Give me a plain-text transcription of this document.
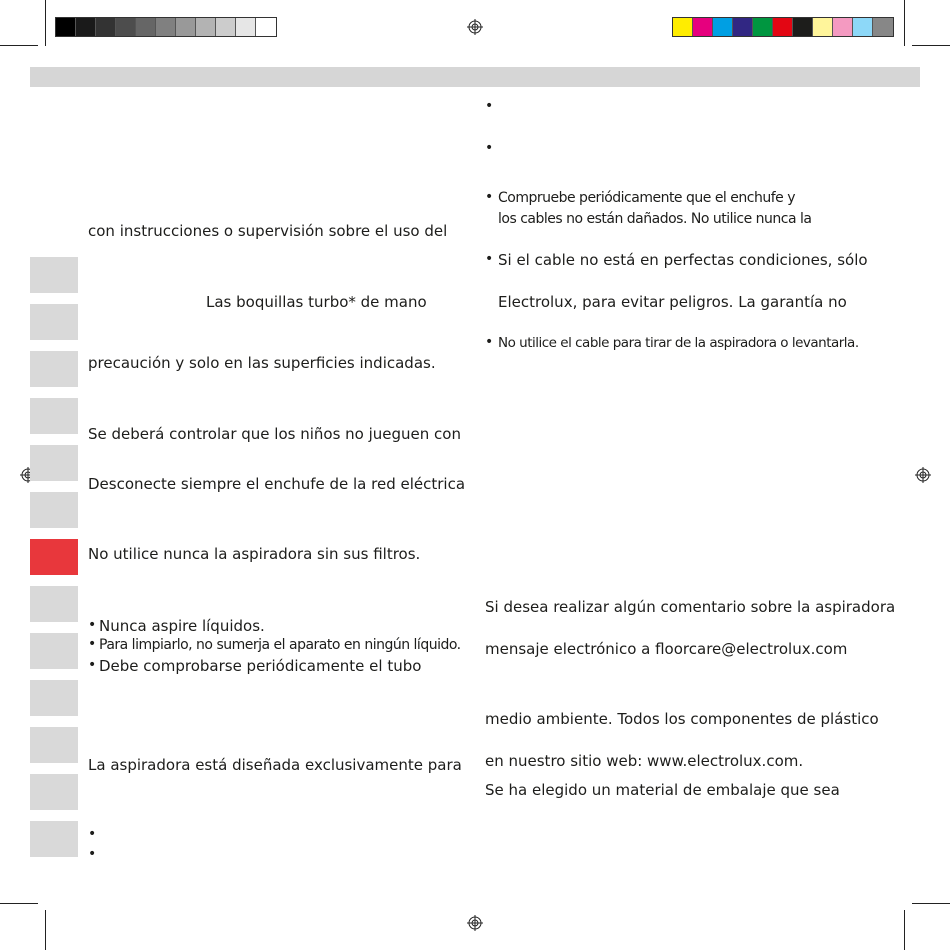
con instrucciones o supervisión sobre el uso del
Las boquillas turbo* de mano
precaución y solo en las superficies indicadas.
Se deberá controlar que los niños no jueguen con
Desconecte siempre el enchufe de la red eléctrica
No utilice nunca la aspiradora sin sus filtros.
• Nunca aspire líquidos.
• Para limpiarlo, no sumerja el aparato en ningún líquido.
• Debe comprobarse periódicamente el tubo
La aspiradora está diseñada exclusivamente para
•
•
•
•
• Compruebe periódicamente que el enchufe y
los cables no están dañados. No utilice nunca la
• Si el cable no está en perfectas condiciones, sólo
Electrolux, para evitar peligros. La garantía no
• No utilice el cable para tirar de la aspiradora o levantarla.
Si desea realizar algún comentario sobre la aspiradora
mensaje electrónico a floorcare@electrolux.com
medio ambiente. Todos los componentes de plástico
en nuestro sitio web: www.electrolux.com.
Se ha elegido un material de embalaje que sea
